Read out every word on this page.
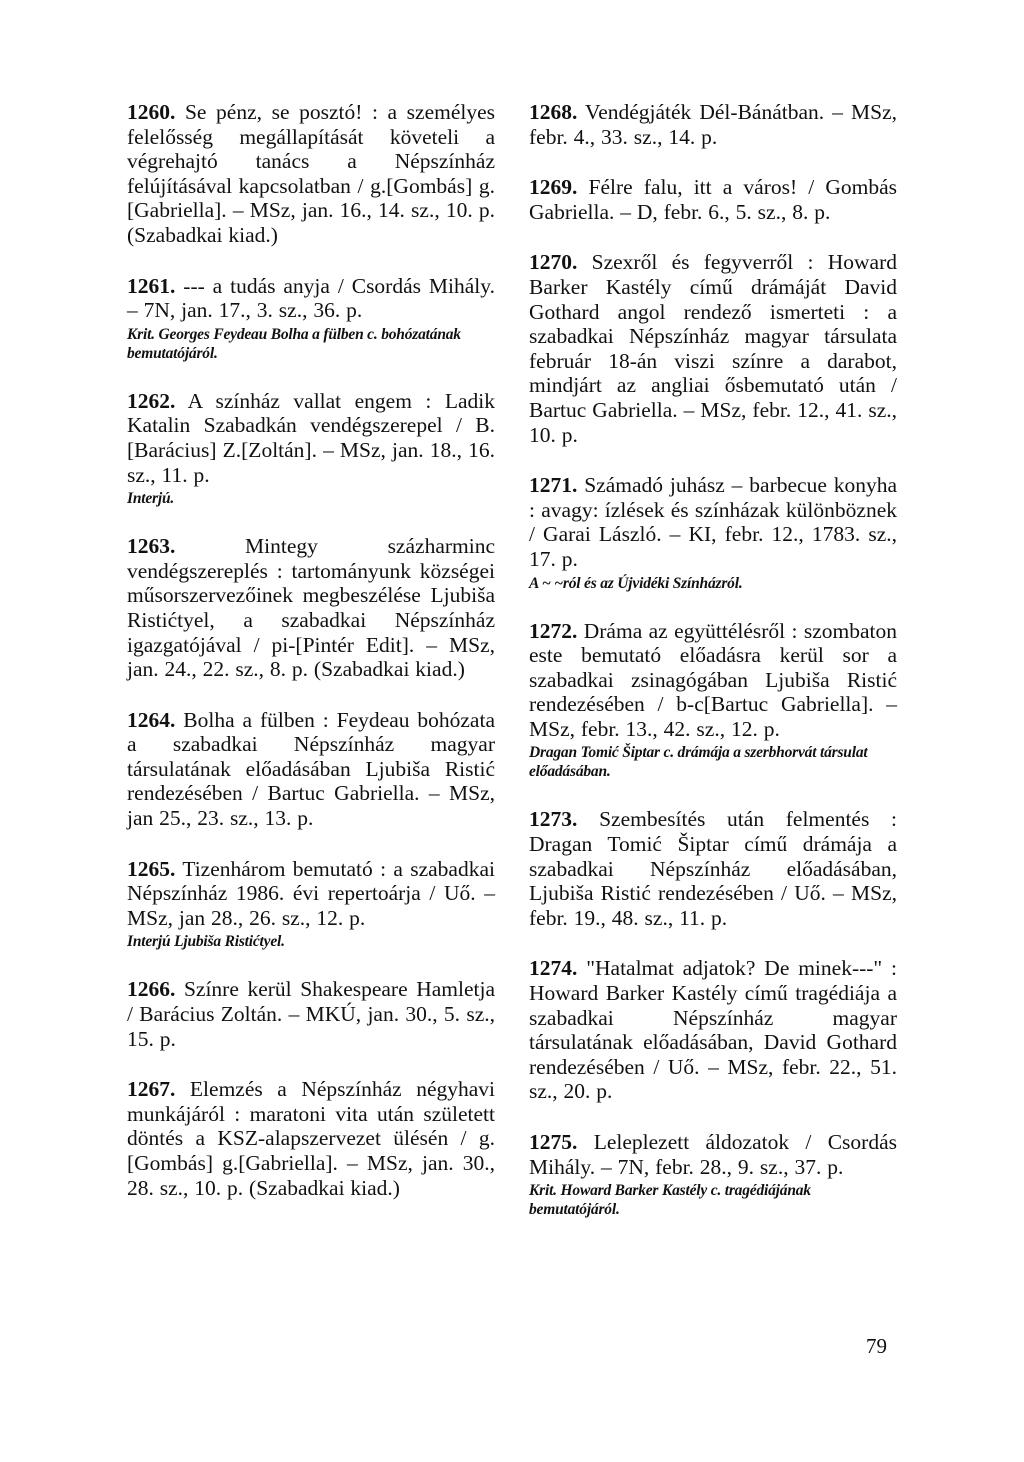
1260. Se pénz, se posztó! : a személyes felelősség megállapítását követeli a végrehajtó tanács a Népszínház felújításával kapcsolatban / g.[Gombás] g.[Gabriella]. – MSz, jan. 16., 14. sz., 10. p. (Szabadkai kiad.)

1261. --- a tudás anyja / Csordás Mihály. – 7N, jan. 17., 3. sz., 36. p.

Krit. Georges Feydeau Bolha a fülben c. bohózatának bemutatójáról.

1262. A színház vallat engem : Ladik Katalin Szabadkán vendégszerepel / B.[Barácius] Z.[Zoltán]. – MSz, jan. 18., 16. sz., 11. p.

Interjú.

1263.	Mintegy százharminc vendégszereplés : tartományunk községei műsorszervezőinek megbeszélése Ljubiša Ristićtyel, a szabadkai Népszínház igazgatójával / pi-[Pintér Edit]. – MSz, jan. 24., 22. sz., 8. p. (Szabadkai kiad.)

1264. Bolha a fülben : Feydeau bohózata a szabadkai Népszínház magyar társulatának előadásában Ljubiša Ristić rendezésében / Bartuc Gabriella. – MSz, jan 25., 23. sz., 13. p.

1265. Tizenhárom bemutató : a szabadkai Népszínház 1986. évi repertoárja / Uő. – MSz, jan 28., 26. sz., 12. p.

Interjú Ljubiša Ristićtyel.

1266. Színre kerül Shakespeare Hamletja / Barácius Zoltán. – MKÚ, jan. 30., 5. sz., 15. p.

1267. Elemzés a Népszínház négyhavi munkájáról : maratoni vita után született döntés a KSZ-alapszervezet ülésén / g.[Gombás] g.[Gabriella]. – MSz, jan. 30., 28. sz., 10. p. (Szabadkai kiad.)

1268. Vendégjáték Dél-Bánátban. – MSz, febr. 4., 33. sz., 14. p.

1269. Félre falu, itt a város! / Gombás Gabriella. – D, febr. 6., 5. sz., 8. p.

1270. Szexről és fegyverről : Howard Barker Kastély című drámáját David Gothard angol rendező ismerteti : a szabadkai Népszínház magyar társulata február 18-án viszi színre a darabot, mindjárt az angliai ősbemutató után / Bartuc Gabriella. – MSz, febr. 12., 41. sz., 10. p.

1271. Számadó juhász – barbecue konyha : avagy: ízlések és színházak különböznek / Garai László. – KI, febr. 12., 1783. sz., 17. p.

A ~ ~ról és az Újvidéki Színházról.

1272. Dráma az együttélésről : szombaton este bemutató előadásra kerül sor a szabadkai zsinagógában Ljubiša Ristić rendezésében / b-c[Bartuc Gabriella]. – MSz, febr. 13., 42. sz., 12. p.

Dragan Tomić Šiptar c. drámája a szerbhorvát társulat előadásában.

1273. Szembesítés után felmentés : Dragan Tomić Šiptar című drámája a szabadkai Népszínház előadásában, Ljubiša Ristić rendezésében / Uő. – MSz, febr. 19., 48. sz., 11. p.

1274. "Hatalmat adjatok? De minek---" : Howard Barker Kastély című tragédiája a szabadkai Népszínház magyar társulatának előadásában, David Gothard rendezésében / Uő. – MSz, febr. 22., 51. sz., 20. p.

1275. Leleplezett áldozatok / Csordás Mihály. – 7N, febr. 28., 9. sz., 37. p.

Krit. Howard Barker Kastély c. tragédiájának bemutatójáról.
79
